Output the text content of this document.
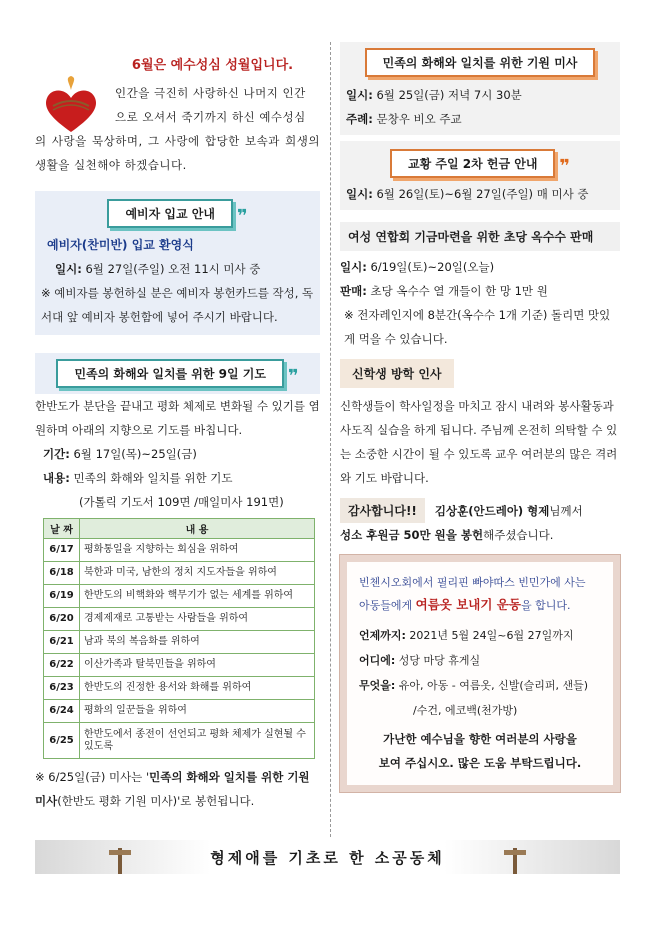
6월은 예수성심 성월입니다.

인간을 극진히 사랑하신 나머지 인간
으로 오셔서 죽기까지 하신 예수성심
의 사랑을 묵상하며, 그 사랑에 합당한 보속과 희생의 생활을 실천해야 하겠습니다.

예비자 입교 안내 ❞
예비자(찬미반) 입교 환영식

일시: 6월 27일(주일) 오전 11시 미사 중

※ 예비자를 봉헌하실 분은 예비자 봉헌카드를 작성, 독서대 앞 예비자 봉헌함에 넣어 주시기 바랍니다.

민족의 화해와 일치를 위한 9일 기도 ❞

한반도가 분단을 끝내고 평화 체제로 변화될 수 있기를 염원하며 아래의 지향으로 기도를 바칩니다.

기간: 6월 17일(목)~25일(금)

내용: 민족의 화해와 일치를 위한 기도

(가톨릭 기도서 109면 /매일미사 191면)

날 짜	내 용
6/17	평화통일을 지향하는 회심을 위하여
6/18	북한과 미국, 남한의 정치 지도자들을 위하여
6/19	한반도의 비핵화와 핵무기가 없는 세계를 위하여
6/20	경제제재로 고통받는 사람들을 위하여
6/21	남과 북의 복음화를 위하여
6/22	이산가족과 탈북민들을 위하여
6/23	한반도의 진정한 용서와 화해를 위하여
6/24	평화의 일꾼들을 위하여
6/25	한반도에서 종전이 선언되고 평화 체제가 실현될 수 있도록

※ 6/25일(금) 미사는 '민족의 화해와 일치를 위한 기원 미사(한반도 평화 기원 미사)'로 봉헌됩니다.

민족의 화해와 일치를 위한 기원 미사

일시: 6월 25일(금) 저녁 7시 30분

주례: 문창우 비오 주교

교황 주일 2차 헌금 안내 ❞

일시: 6월 26일(토)~6월 27일(주일) 매 미사 중

여성 연합회 기금마련을 위한 초당 옥수수 판매

일시: 6/19일(토)~20일(오늘)

판매: 초당 옥수수 열 개들이 한 망 1만 원

※ 전자레인지에 8분간(옥수수 1개 기준) 돌리면 맛있게 먹을 수 있습니다.

신학생 방학 인사

신학생들이 학사일정을 마치고 잠시 내려와 봉사활동과 사도직 실습을 하게 됩니다. 주님께 온전히 의탁할 수 있는 소중한 시간이 될 수 있도록 교우 여러분의 많은 격려와 기도 바랍니다.

감사합니다!!	김상훈(안드레아) 형제님께서

성소 후원금 50만 원을 봉헌해주셨습니다.

빈첸시오회에서 필리핀 빠야따스 빈민가에 사는
아동들에게 여름옷 보내기 운동을 합니다.

언제까지: 2021년 5월 24일~6월 27일까지

어디에: 성당 마당 휴게실

무엇을: 유아, 아동 - 여름옷, 신발(슬리퍼, 샌들)

/수건, 에코백(천가방)

가난한 예수님을 향한 여러분의 사랑을
보여 주십시오. 많은 도움 부탁드립니다.
형제애를 기초로 한 소공동체
